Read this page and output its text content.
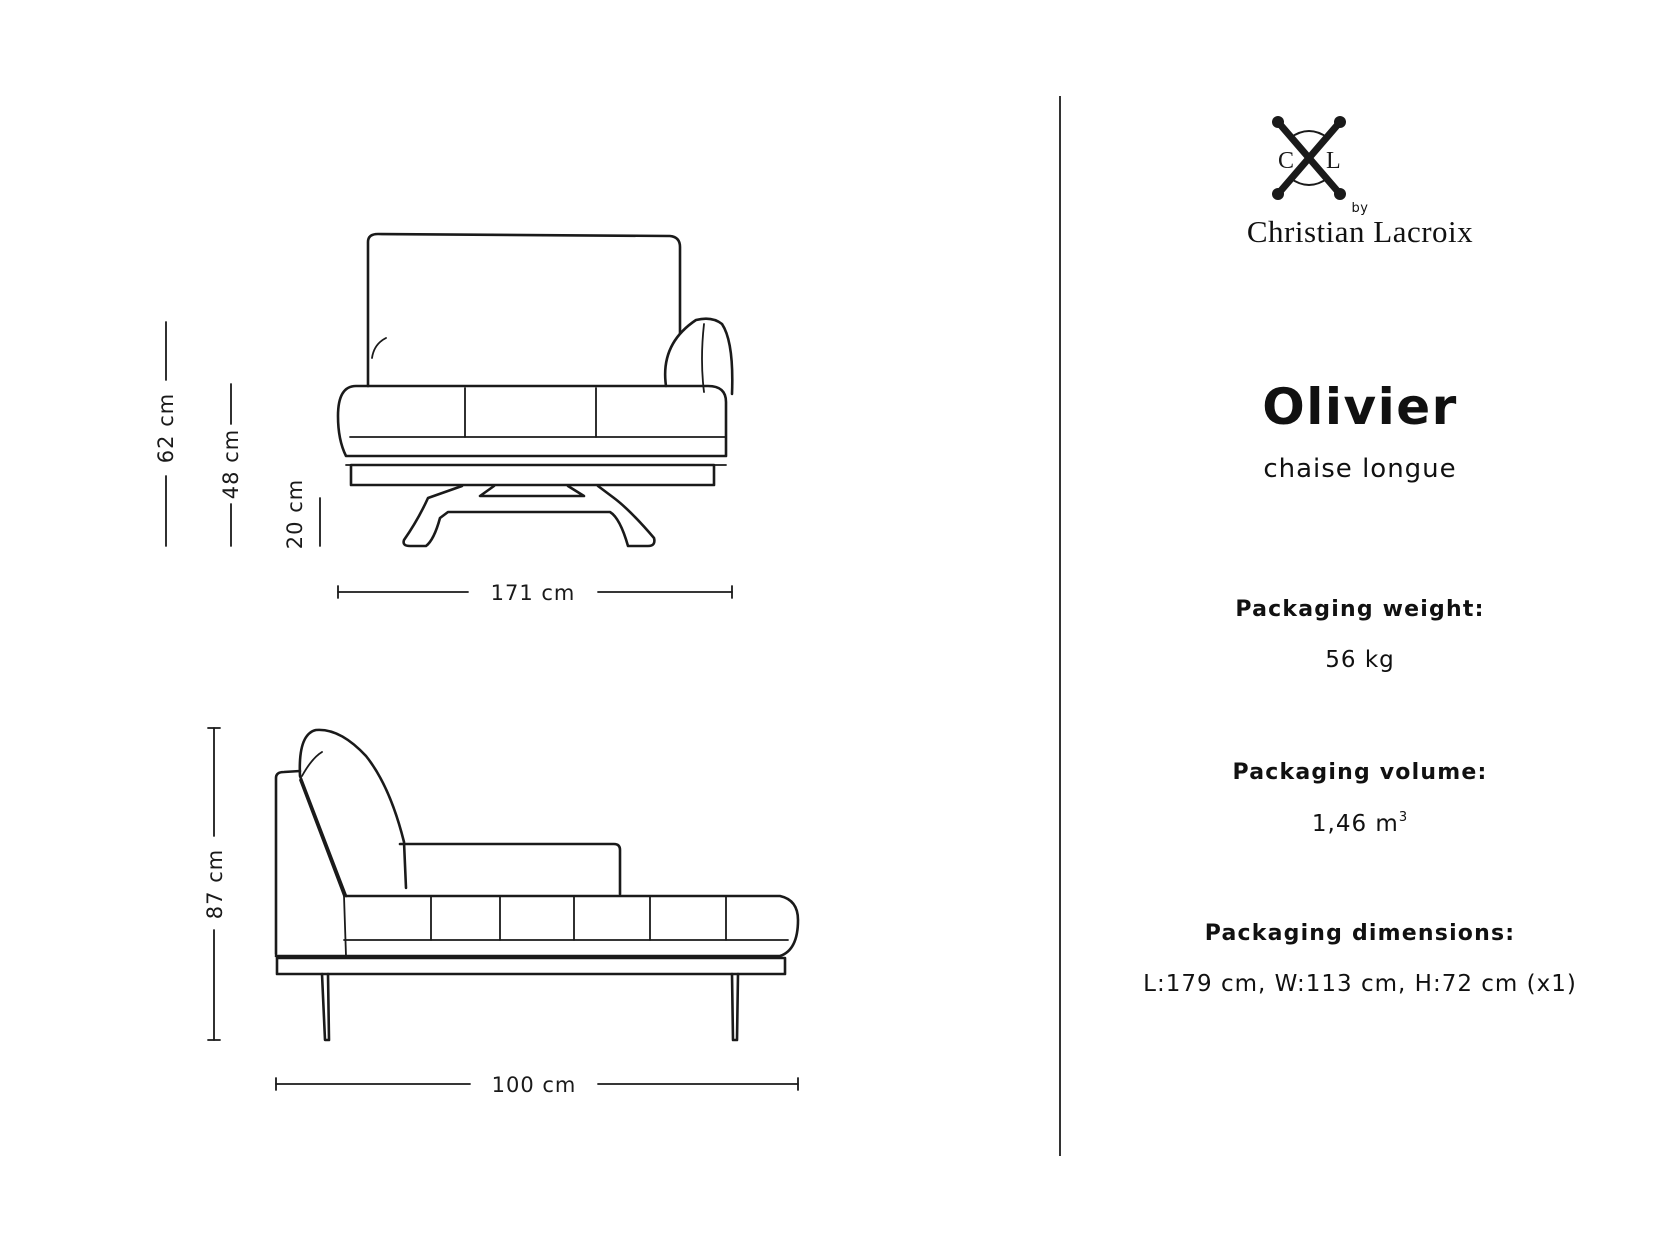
171 cm
62 cm
48 cm
20 cm
100 cm
87 cm
C L
by
Christian Lacroix
Olivier
chaise longue
Packaging weight:
56 kg
Packaging volume:
1,46 $m^3$
Packaging dimensions:
L:179 cm, W:113 cm, H:72 cm (x1)
